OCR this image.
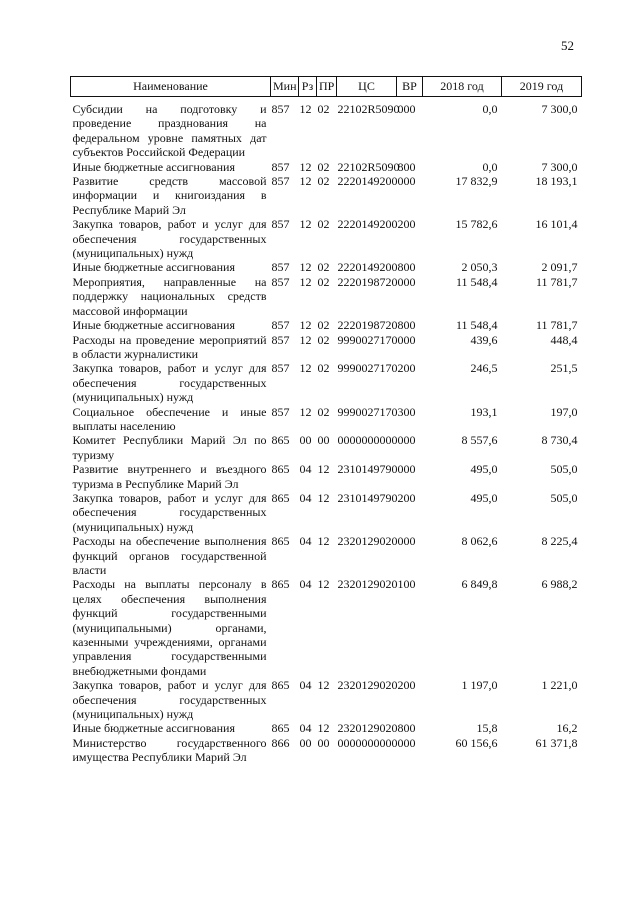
52
Наименование	Мин	Рз	ПР	ЦС	ВР	2018 год	2019 год
Субсидии на подготовку и проведение празднования на федеральном уровне памятных дат субъектов Российской Федерации	857	12	02	22102R5090	000	0,0	7 300,0
Иные бюджетные ассигнования	857	12	02	22102R5090	800	0,0	7 300,0
Развитие средств массовой информации и книгоиздания в Республике Марий Эл	857	12	02	2220149200	000	17 832,9	18 193,1
Закупка товаров, работ и услуг для обеспечения государственных (муниципальных) нужд	857	12	02	2220149200	200	15 782,6	16 101,4
Иные бюджетные ассигнования	857	12	02	2220149200	800	2 050,3	2 091,7
Мероприятия, направленные на поддержку национальных средств массовой информации	857	12	02	2220198720	000	11 548,4	11 781,7
Иные бюджетные ассигнования	857	12	02	2220198720	800	11 548,4	11 781,7
Расходы на проведение мероприятий в области журналистики	857	12	02	9990027170	000	439,6	448,4
Закупка товаров, работ и услуг для обеспечения государственных (муниципальных) нужд	857	12	02	9990027170	200	246,5	251,5
Социальное обеспечение и иные выплаты населению	857	12	02	9990027170	300	193,1	197,0
Комитет Республики Марий Эл по туризму	865	00	00	0000000000	000	8 557,6	8 730,4
Развитие внутреннего и въездного туризма в Республике Марий Эл	865	04	12	2310149790	000	495,0	505,0
Закупка товаров, работ и услуг для обеспечения государственных (муниципальных) нужд	865	04	12	2310149790	200	495,0	505,0
Расходы на обеспечение выполнения функций органов государственной власти	865	04	12	2320129020	000	8 062,6	8 225,4
Расходы на выплаты персоналу в целях обеспечения выполнения функций государственными (муниципальными) органами, казенными учреждениями, органами управления государственными внебюджетными фондами	865	04	12	2320129020	100	6 849,8	6 988,2
Закупка товаров, работ и услуг для обеспечения государственных (муниципальных) нужд	865	04	12	2320129020	200	1 197,0	1 221,0
Иные бюджетные ассигнования	865	04	12	2320129020	800	15,8	16,2
Министерство государственного имущества Республики Марий Эл	866	00	00	0000000000	000	60 156,6	61 371,8
